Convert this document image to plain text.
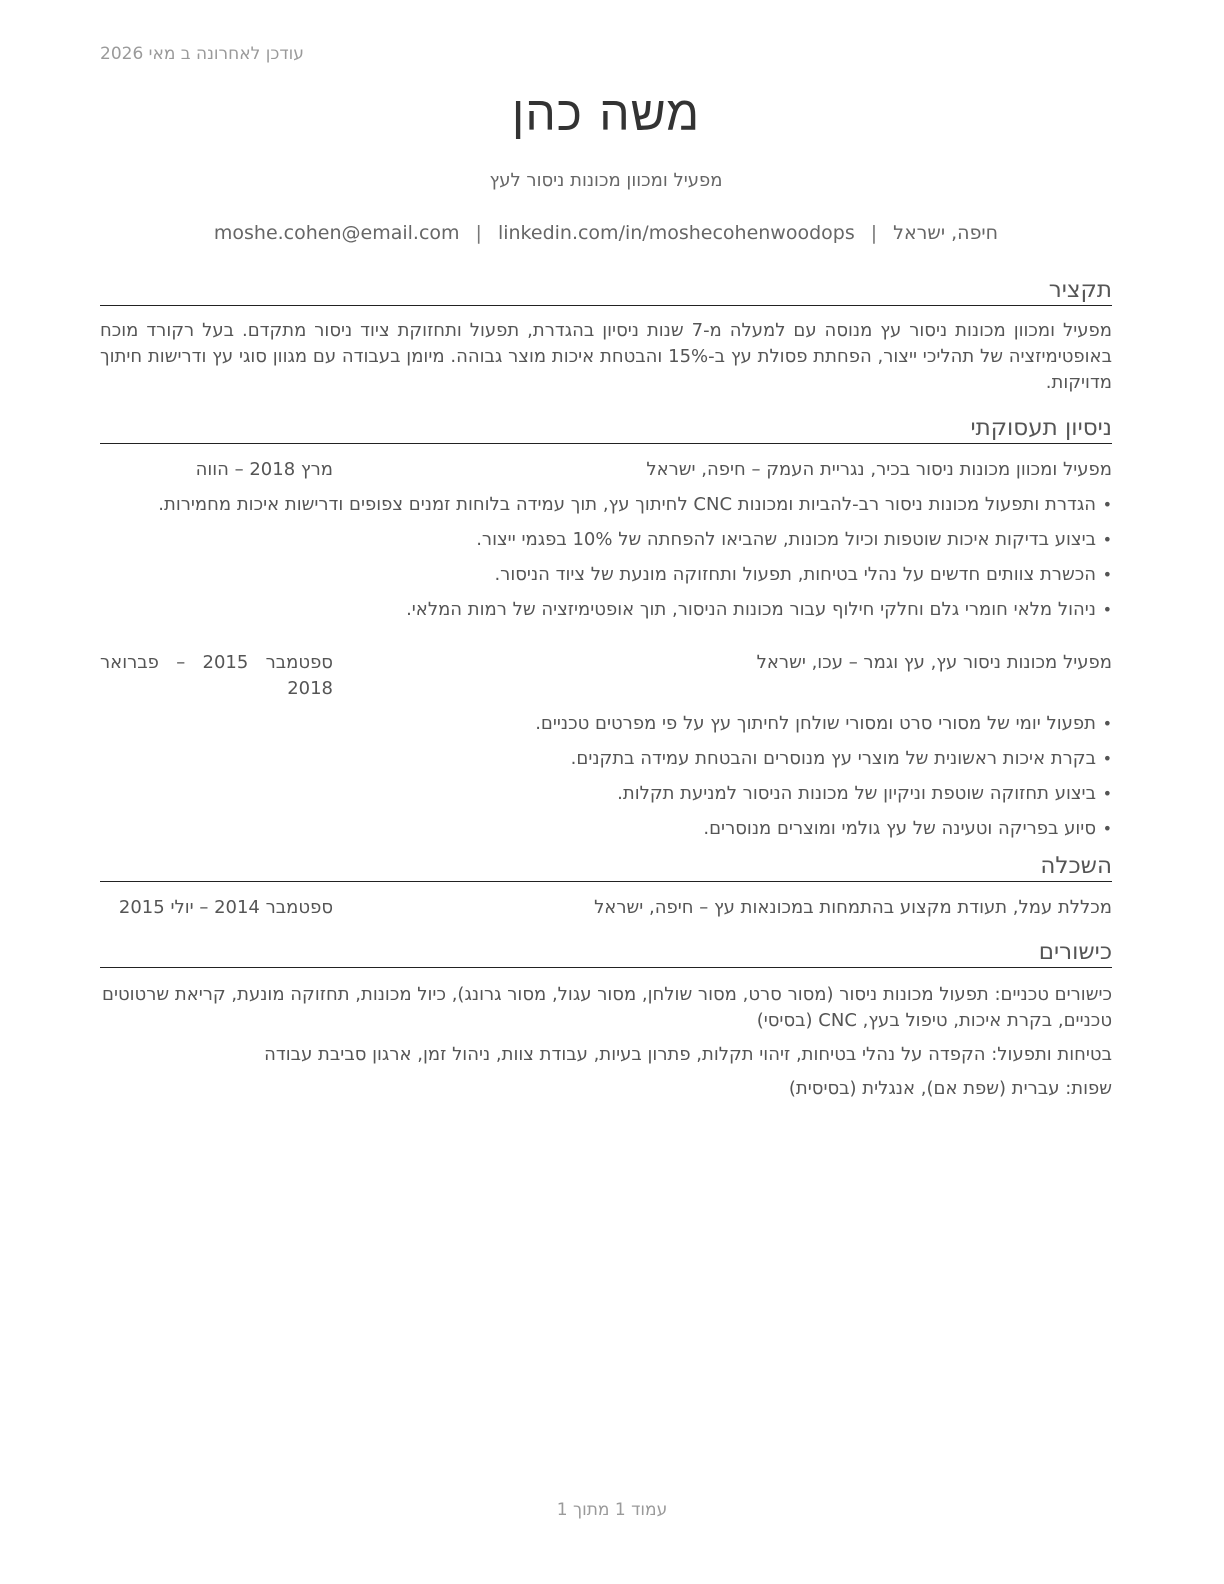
עודכן לאחרונה ב מאי 2026
משה כהן
מפעיל ומכוון מכונות ניסור לעץ
חיפה, ישראל|moshe.cohen@email.com | linkedin.com/in/moshecohenwoodops
תקציר
מפעיל ומכוון מכונות ניסור עץ מנוסה עם למעלה מ-7 שנות ניסיון בהגדרת, תפעול ותחזוקת ציוד ניסור מתקדם. בעל רקורד מוכח באופטימיזציה של תהליכי ייצור, הפחתת פסולת עץ ב-15% והבטחת איכות מוצר גבוהה. מיומן בעבודה עם מגוון סוגי עץ ודרישות חיתוך מדויקות.
ניסיון תעסוקתי
מפעיל ומכוון מכונות ניסור בכיר, נגריית העמק – חיפה, ישראל
מרץ 2018 – הווה
•
הגדרת ותפעול מכונות ניסור רב-להביות ומכונות CNC לחיתוך עץ, תוך עמידה בלוחות זמנים צפופים ודרישות איכות מחמירות.
•
ביצוע בדיקות איכות שוטפות וכיול מכונות, שהביאו להפחתה של 10% בפגמי ייצור.
•
הכשרת צוותים חדשים על נהלי בטיחות, תפעול ותחזוקה מונעת של ציוד הניסור.
•
ניהול מלאי חומרי גלם וחלקי חילוף עבור מכונות הניסור, תוך אופטימיזציה של רמות המלאי.
מפעיל מכונות ניסור עץ, עץ וגמר – עכו, ישראל
ספטמבר 2015 – פברואר 2018
•
תפעול יומי של מסורי סרט ומסורי שולחן לחיתוך עץ על פי מפרטים טכניים.
•
בקרת איכות ראשונית של מוצרי עץ מנוסרים והבטחת עמידה בתקנים.
•
ביצוע תחזוקה שוטפת וניקיון של מכונות הניסור למניעת תקלות.
•
סיוע בפריקה וטעינה של עץ גולמי ומוצרים מנוסרים.
השכלה
מכללת עמל, תעודת מקצוע בהתמחות במכונאות עץ – חיפה, ישראל
ספטמבר 2014 – יולי 2015
כישורים
כישורים טכניים: תפעול מכונות ניסור (מסור סרט, מסור שולחן, מסור עגול, מסור גרונג), כיול מכונות, תחזוקה מונעת, קריאת שרטוטים טכניים, בקרת איכות, טיפול בעץ, CNC (בסיסי)
בטיחות ותפעול: הקפדה על נהלי בטיחות, זיהוי תקלות, פתרון בעיות, עבודת צוות, ניהול זמן, ארגון סביבת עבודה
שפות: עברית (שפת אם), אנגלית (בסיסית)
עמוד 1 מתוך 1
